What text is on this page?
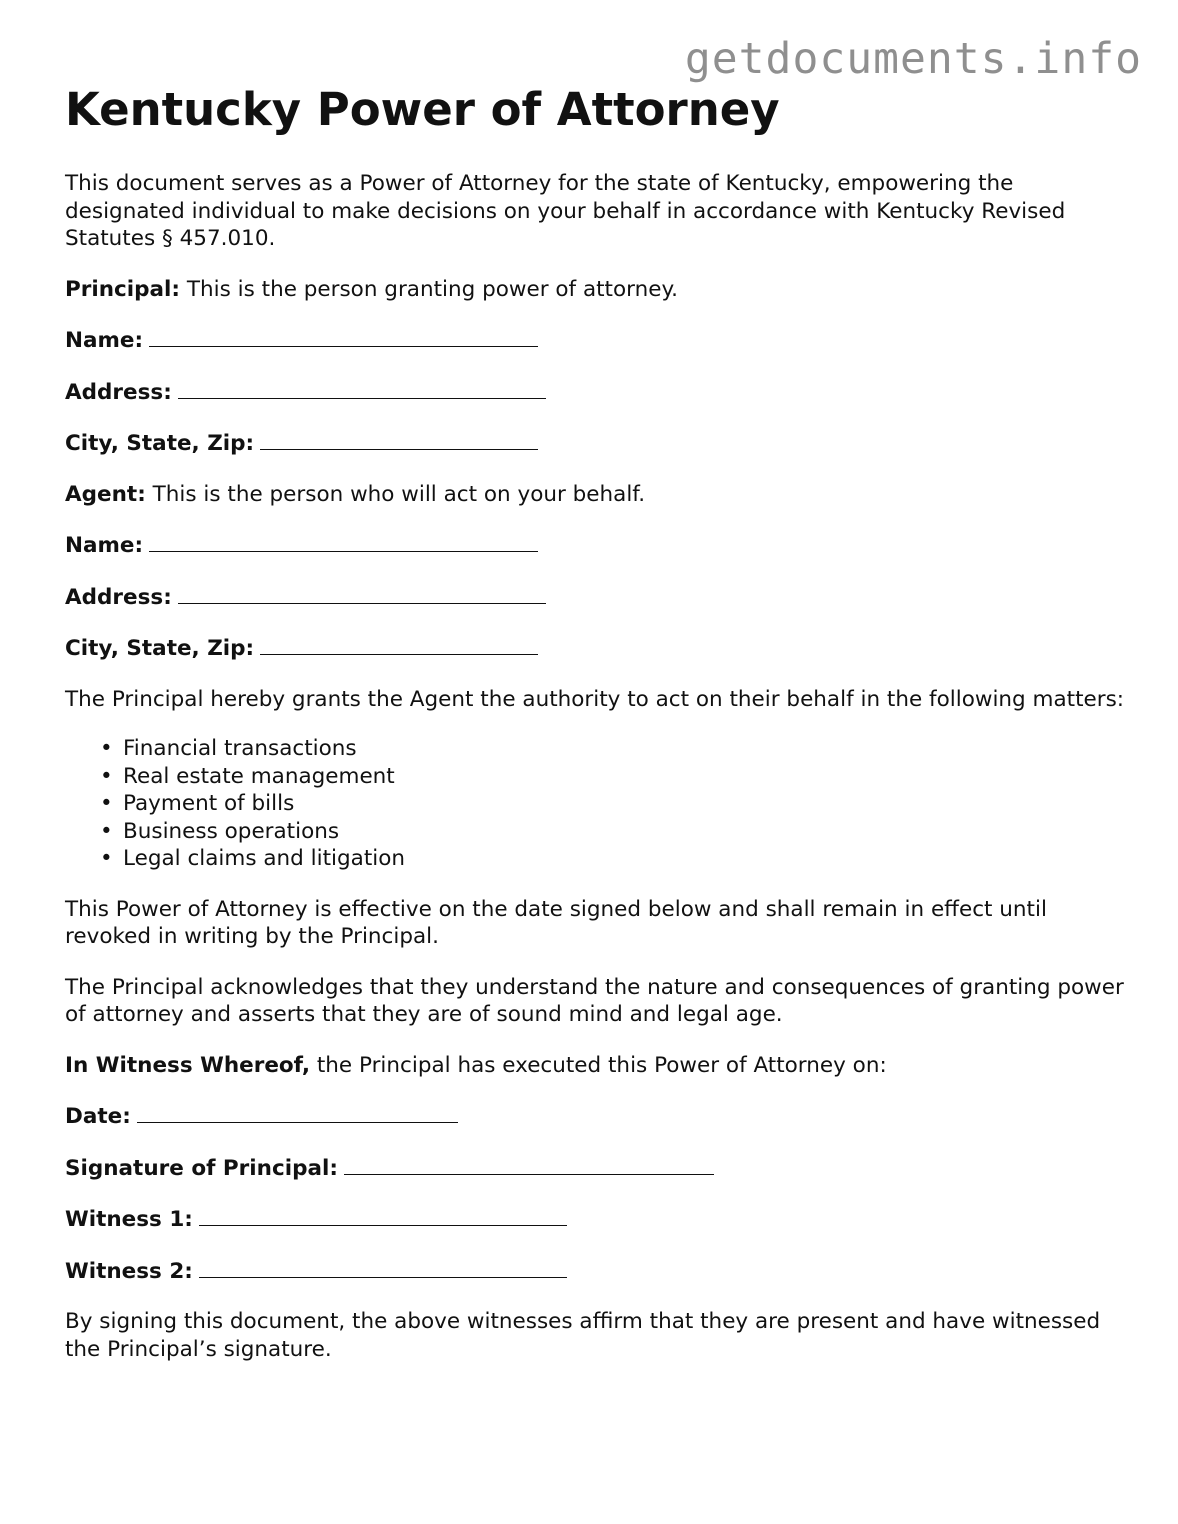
getdocuments.info
Kentucky Power of Attorney

This document serves as a Power of Attorney for the state of Kentucky, empowering the designated individual to make decisions on your behalf in accordance with Kentucky Revised Statutes § 457.010.

Principal: This is the person granting power of attorney.

Name:

Address:

City, State, Zip:

Agent: This is the person who will act on your behalf.

Name:

Address:

City, State, Zip:

The Principal hereby grants the Agent the authority to act on their behalf in the following matters:

• Financial transactions
• Real estate management
• Payment of bills
• Business operations
• Legal claims and litigation

This Power of Attorney is effective on the date signed below and shall remain in effect until revoked in writing by the Principal.

The Principal acknowledges that they understand the nature and consequences of granting power of attorney and asserts that they are of sound mind and legal age.

In Witness Whereof, the Principal has executed this Power of Attorney on:

Date:

Signature of Principal:

Witness 1:

Witness 2:

By signing this document, the above witnesses affirm that they are present and have witnessed the Principal’s signature.
